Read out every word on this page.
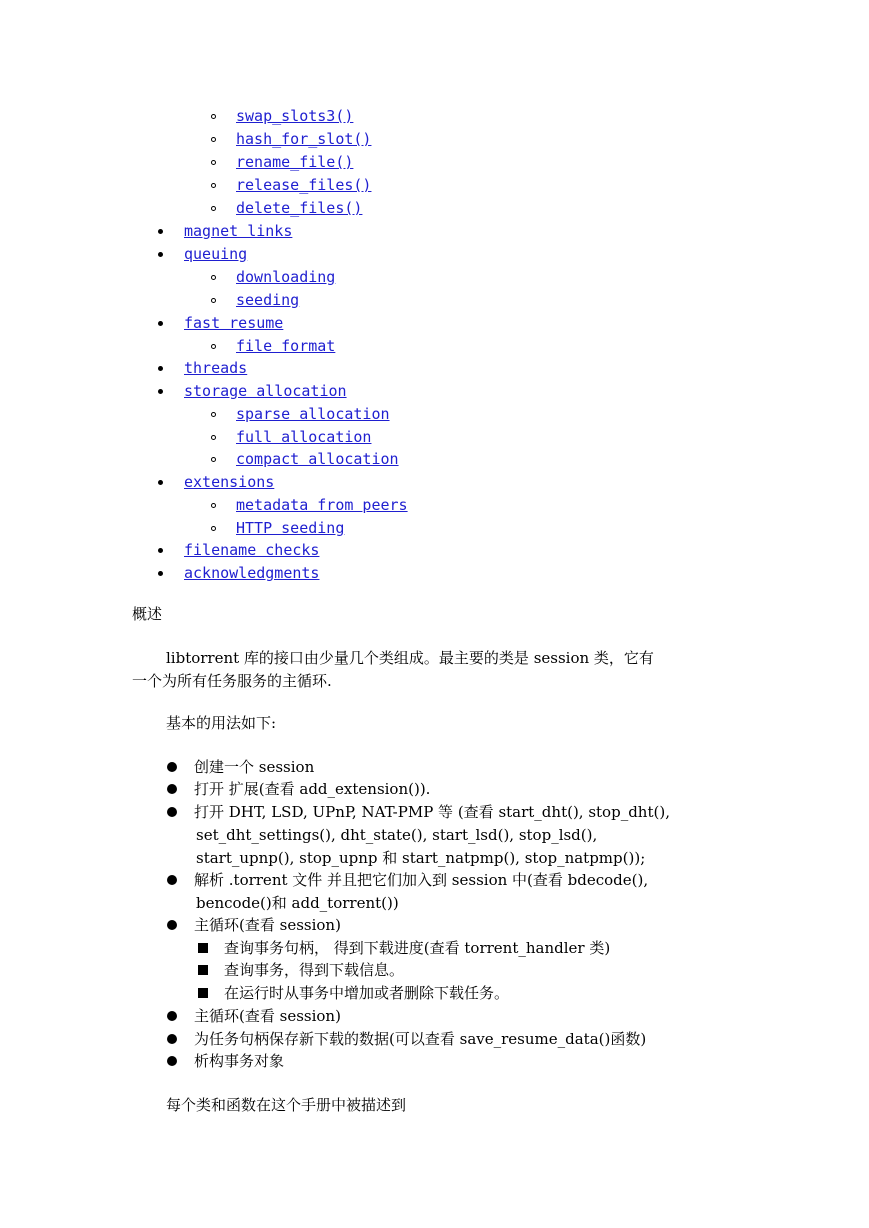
swap_slots3()
hash_for_slot()
rename_file()
release_files()
delete_files()
magnet links
queuing
downloading
seeding
fast resume
file format
threads
storage allocation
sparse allocation
full allocation
compact allocation
extensions
metadata from peers
HTTP seeding
filename checks
acknowledgments
概述
libtorrent 库的接口由少量几个类组成。最主要的类是 session 类，它有
一个为所有任务服务的主循环.
基本的用法如下:
创建一个 session
打开 扩展(查看 add_extension()).
打开 DHT, LSD, UPnP, NAT-PMP 等 (查看 start_dht(), stop_dht(),
set_dht_settings(), dht_state(), start_lsd(), stop_lsd(),
start_upnp(), stop_upnp 和 start_natpmp(), stop_natpmp());
解析 .torrent 文件 并且把它们加入到 session 中(查看 bdecode(),
bencode()和 add_torrent())
主循环(查看 session)
查询事务句柄， 得到下载进度(查看 torrent_handler 类)
查询事务，得到下载信息。
在运行时从事务中增加或者删除下载任务。
主循环(查看 session)
为任务句柄保存新下载的数据(可以查看 save_resume_data()函数)
析构事务对象
每个类和函数在这个手册中被描述到
